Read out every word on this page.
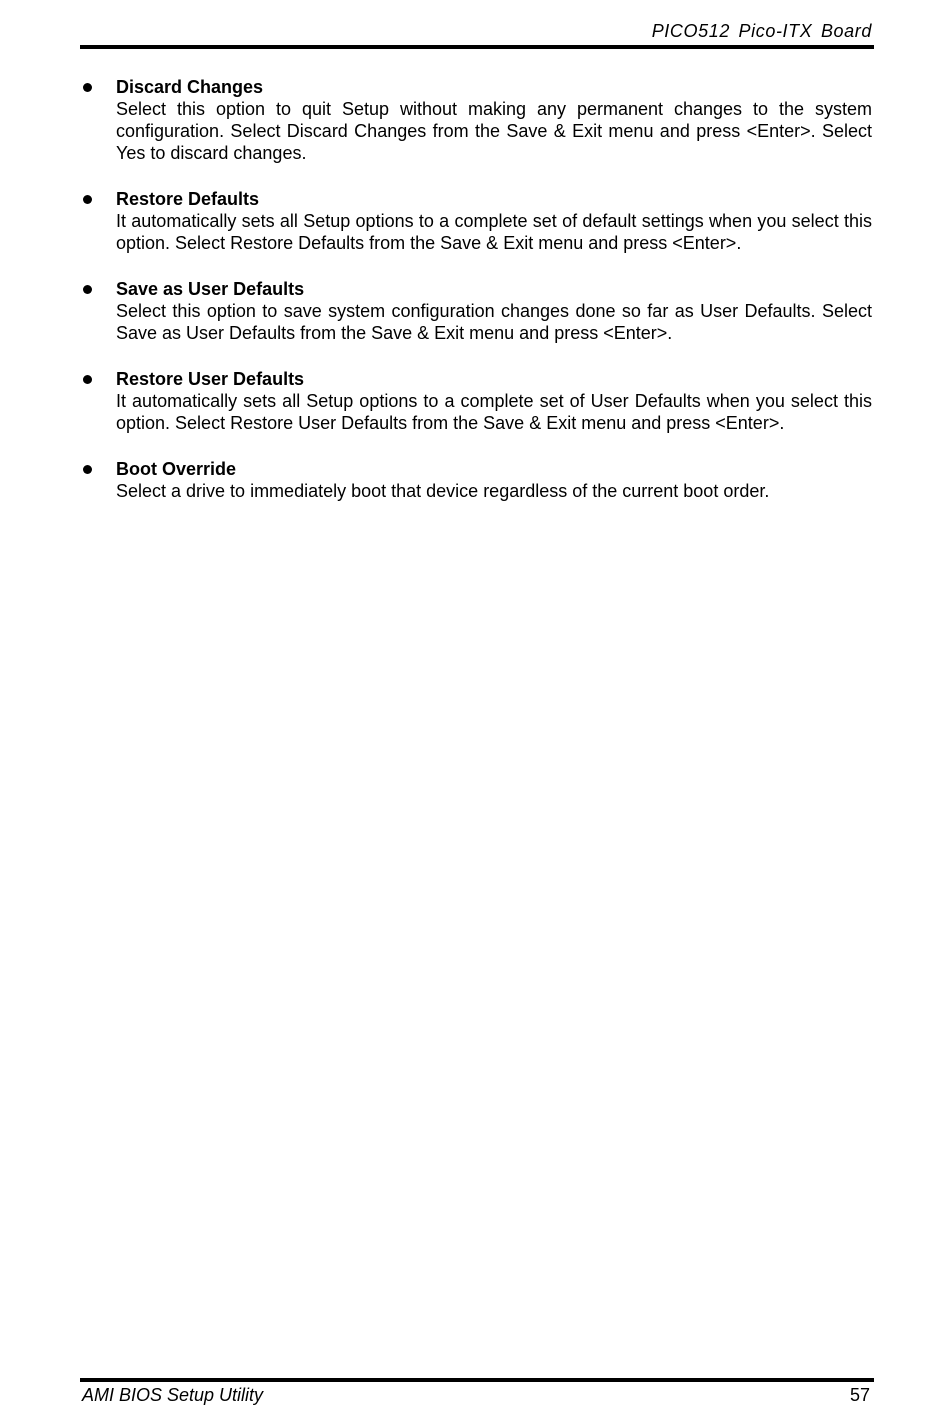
PICO512 Pico-ITX Board
Discard Changes
Select this option to quit Setup without making any permanent changes to the system configuration. Select Discard Changes from the Save & Exit menu and press <Enter>. Select Yes to discard changes.
Restore Defaults
It automatically sets all Setup options to a complete set of default settings when you select this option. Select Restore Defaults from the Save & Exit menu and press <Enter>.
Save as User Defaults
Select this option to save system configuration changes done so far as User Defaults. Select Save as User Defaults from the Save & Exit menu and press <Enter>.
Restore User Defaults
It automatically sets all Setup options to a complete set of User Defaults when you select this option. Select Restore User Defaults from the Save & Exit menu and press <Enter>.
Boot Override
Select a drive to immediately boot that device regardless of the current boot order.
AMI BIOS Setup Utility	57
